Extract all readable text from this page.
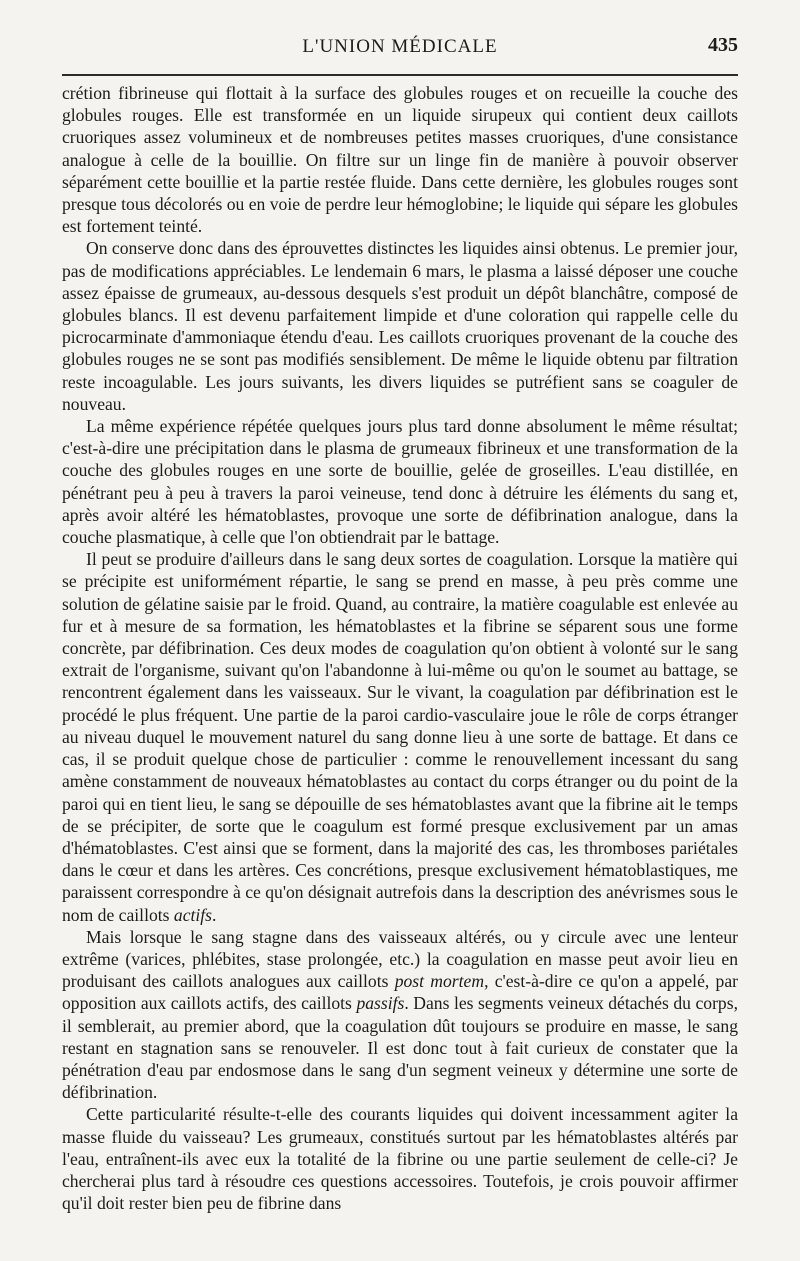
L'UNION MÉDICALE	435

crétion fibrineuse qui flottait à la surface des globules rouges et on recueille la couche des globules rouges. Elle est transformée en un liquide sirupeux qui contient deux caillots cruoriques assez volumineux et de nombreuses petites masses cruoriques, d'une consistance analogue à celle de la bouillie. On filtre sur un linge fin de manière à pouvoir observer séparément cette bouillie et la partie restée fluide. Dans cette dernière, les globules rouges sont presque tous décolorés ou en voie de perdre leur hémoglobine; le liquide qui sépare les globules est fortement teinté.

On conserve donc dans des éprouvettes distinctes les liquides ainsi obtenus. Le premier jour, pas de modifications appréciables. Le lendemain 6 mars, le plasma a laissé déposer une couche assez épaisse de grumeaux, au-dessous desquels s'est produit un dépôt blanchâtre, composé de globules blancs. Il est devenu parfaitement limpide et d'une coloration qui rappelle celle du picrocarminate d'ammoniaque étendu d'eau. Les caillots cruoriques provenant de la couche des globules rouges ne se sont pas modifiés sensiblement. De même le liquide obtenu par filtration reste incoagulable. Les jours suivants, les divers liquides se putréfient sans se coaguler de nouveau.

La même expérience répétée quelques jours plus tard donne absolument le même résultat; c'est-à-dire une précipitation dans le plasma de grumeaux fibrineux et une transformation de la couche des globules rouges en une sorte de bouillie, gelée de groseilles. L'eau distillée, en pénétrant peu à peu à travers la paroi veineuse, tend donc à détruire les éléments du sang et, après avoir altéré les hématoblastes, provoque une sorte de défibrination analogue, dans la couche plasmatique, à celle que l'on obtiendrait par le battage.

Il peut se produire d'ailleurs dans le sang deux sortes de coagulation. Lorsque la matière qui se précipite est uniformément répartie, le sang se prend en masse, à peu près comme une solution de gélatine saisie par le froid. Quand, au contraire, la matière coagulable est enlevée au fur et à mesure de sa formation, les hématoblastes et la fibrine se séparent sous une forme concrète, par défibrination. Ces deux modes de coagulation qu'on obtient à volonté sur le sang extrait de l'organisme, suivant qu'on l'abandonne à lui-même ou qu'on le soumet au battage, se rencontrent également dans les vaisseaux. Sur le vivant, la coagulation par défibrination est le procédé le plus fréquent. Une partie de la paroi cardio-vasculaire joue le rôle de corps étranger au niveau duquel le mouvement naturel du sang donne lieu à une sorte de battage. Et dans ce cas, il se produit quelque chose de particulier : comme le renouvellement incessant du sang amène constamment de nouveaux hématoblastes au contact du corps étranger ou du point de la paroi qui en tient lieu, le sang se dépouille de ses hématoblastes avant que la fibrine ait le temps de se précipiter, de sorte que le coagulum est formé presque exclusivement par un amas d'hématoblastes. C'est ainsi que se forment, dans la majorité des cas, les thromboses pariétales dans le cœur et dans les artères. Ces concrétions, presque exclusivement hématoblastiques, me paraissent correspondre à ce qu'on désignait autrefois dans la description des anévrismes sous le nom de caillots actifs.

Mais lorsque le sang stagne dans des vaisseaux altérés, ou y circule avec une lenteur extrême (varices, phlébites, stase prolongée, etc.) la coagulation en masse peut avoir lieu en produisant des caillots analogues aux caillots post mortem, c'est-à-dire ce qu'on a appelé, par opposition aux caillots actifs, des caillots passifs. Dans les segments veineux détachés du corps, il semblerait, au premier abord, que la coagulation dût toujours se produire en masse, le sang restant en stagnation sans se renouveler. Il est donc tout à fait curieux de constater que la pénétration d'eau par endosmose dans le sang d'un segment veineux y détermine une sorte de défibrination.

Cette particularité résulte-t-elle des courants liquides qui doivent incessamment agiter la masse fluide du vaisseau? Les grumeaux, constitués surtout par les hématoblastes altérés par l'eau, entraînent-ils avec eux la totalité de la fibrine ou une partie seulement de celle-ci? Je chercherai plus tard à résoudre ces questions accessoires. Toutefois, je crois pouvoir affirmer qu'il doit rester bien peu de fibrine dans
